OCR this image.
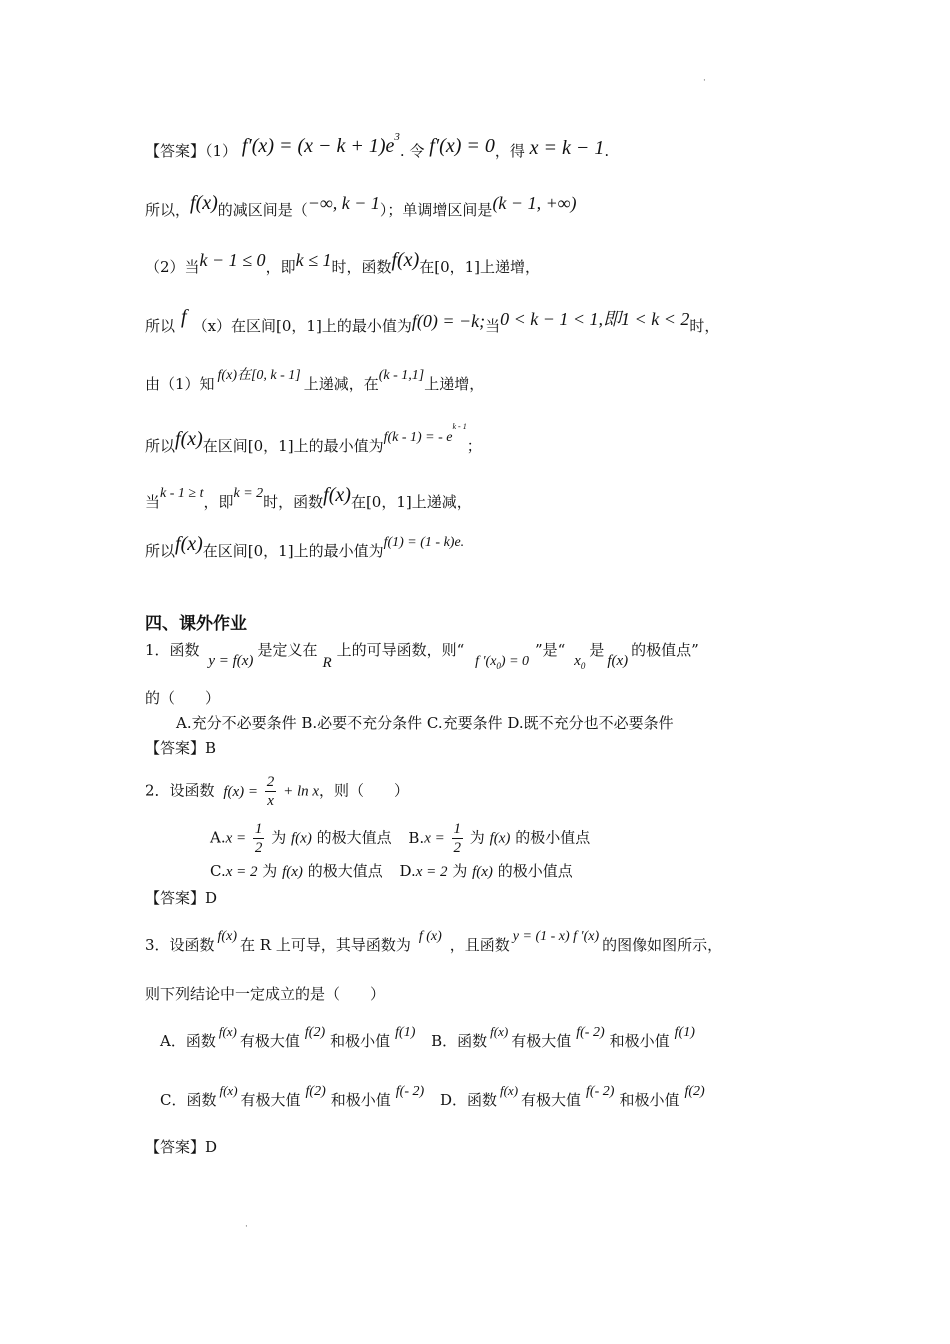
·
【答案】（1） $f'(x) = (x - k + 1)e^3$. 令 f′(x) = 0，得 x = k − 1.
所以，f(x)的减区间是（−∞, k − 1）；单调增区间是(k − 1, +∞)
（2）当k − 1 ≤ 0，即k ≤ 1时，函数f(x)在[0，1]上递增，
所以 f （x）在区间[0，1]上的最小值为f(0) = −k;当0 < k − 1 < 1,即1 < k < 2时，
由（1）知 f(x)在[0, k - 1] 上递减，在(k - 1,1]上递增，
所以f(x)在区间[0，1]上的最小值为f(k - 1) = - $e^{k - 1}$；
当k - 1 ≥ t，即k = 2时，函数f(x)在[0，1]上递减，
所以f(x)在区间[0，1]上的最小值为f(1) = (1 - k)e.
四、课外作业
1．函数 y = f(x)是定义在R上的可导函数，则“ f $'(x_0) = 0$”是“ $x_0$是f(x)的极值点”
的（　　）
A.充分不必要条件 B.必要不充分条件 C.充要条件 D.既不充分也不必要条件
【答案】B
2．设函数 $f(x) = \frac{2}{x} + \ln x$，则（　　）
$A.x = \frac{1}{2}$ 为 f(x) 的极大值点 $B.x = \frac{1}{2}$ 为 f(x) 的极小值点
C.x = 2 为 f(x) 的极大值点 D.x = 2 为 f(x) 的极小值点
【答案】D
3．设函数 f(x) 在 R 上可导，其导函数为 f (x) ，且函数 y = (1 - x) f ′(x) 的图像如图所示，
则下列结论中一定成立的是（　　）
A．函数f(x)有极大值 f(2) 和极小值 f(1) B．函数f(x)有极大值 f(- 2) 和极小值 f(1)
C．函数f(x)有极大值 f(2) 和极小值 f(- 2) D．函数f(x)有极大值 f(- 2) 和极小值 f(2)
【答案】D
·
